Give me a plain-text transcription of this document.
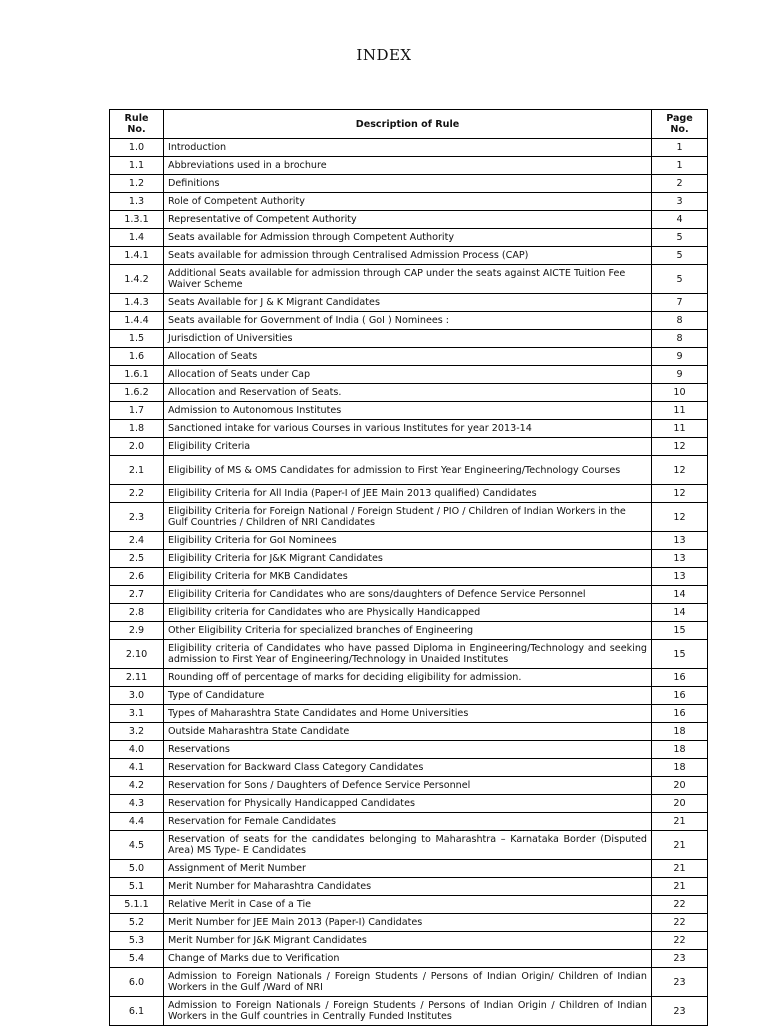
INDEX
Rule No.	Description of Rule	Page No.
1.0	Introduction	1
1.1	Abbreviations used in a brochure	1
1.2	Definitions	2
1.3	Role of Competent Authority	3
1.3.1	Representative of Competent Authority	4
1.4	Seats available for Admission through Competent Authority	5
1.4.1	Seats available for admission through Centralised Admission Process (CAP)	5
1.4.2	Additional Seats available for admission through CAP under the seats against AICTE Tuition Fee Waiver Scheme	5
1.4.3	Seats Available for J & K Migrant Candidates	7
1.4.4	Seats available for Government of India ( GoI ) Nominees :	8
1.5	Jurisdiction of Universities	8
1.6	Allocation of Seats	9
1.6.1	Allocation of Seats under Cap	9
1.6.2	Allocation and Reservation of Seats.	10
1.7	Admission to Autonomous Institutes	11
1.8	Sanctioned intake for various Courses in various Institutes for year 2013-14	11
2.0	Eligibility Criteria	12
2.1	Eligibility of MS & OMS Candidates for admission to First Year Engineering/Technology Courses	12
2.2	Eligibility Criteria for All India (Paper-I of JEE Main 2013 qualified) Candidates	12
2.3	Eligibility Criteria for Foreign National / Foreign Student / PIO / Children of Indian Workers in the Gulf Countries / Children of NRI Candidates	12
2.4	Eligibility Criteria for GoI Nominees	13
2.5	Eligibility Criteria for J&K Migrant Candidates	13
2.6	Eligibility Criteria for MKB Candidates	13
2.7	Eligibility Criteria for Candidates who are sons/daughters of Defence Service Personnel	14
2.8	Eligibility criteria for Candidates who are Physically Handicapped	14
2.9	Other Eligibility Criteria for specialized branches of Engineering	15
2.10	Eligibility criteria of Candidates who have passed Diploma in Engineering/Technology and seeking admission to First Year of Engineering/Technology in Unaided Institutes	15
2.11	Rounding off of percentage of marks for deciding eligibility for admission.	16
3.0	Type of Candidature	16
3.1	Types of Maharashtra State Candidates and Home Universities	16
3.2	Outside Maharashtra State Candidate	18
4.0	Reservations	18
4.1	Reservation for Backward Class Category Candidates	18
4.2	Reservation for Sons / Daughters of Defence Service Personnel	20
4.3	Reservation for Physically Handicapped Candidates	20
4.4	Reservation for Female Candidates	21
4.5	Reservation of seats for the candidates belonging to Maharashtra – Karnataka Border (Disputed Area) MS Type- E Candidates	21
5.0	Assignment of Merit Number	21
5.1	Merit Number for Maharashtra Candidates	21
5.1.1	Relative Merit in Case of a Tie	22
5.2	Merit Number for JEE Main 2013 (Paper-I) Candidates	22
5.3	Merit Number for J&K Migrant Candidates	22
5.4	Change of Marks due to Verification	23
6.0	Admission to Foreign Nationals / Foreign Students / Persons of Indian Origin/ Children of Indian Workers in the Gulf /Ward of NRI	23
6.1	Admission to Foreign Nationals / Foreign Students / Persons of Indian Origin / Children of Indian Workers in the Gulf countries in Centrally Funded Institutes	23
